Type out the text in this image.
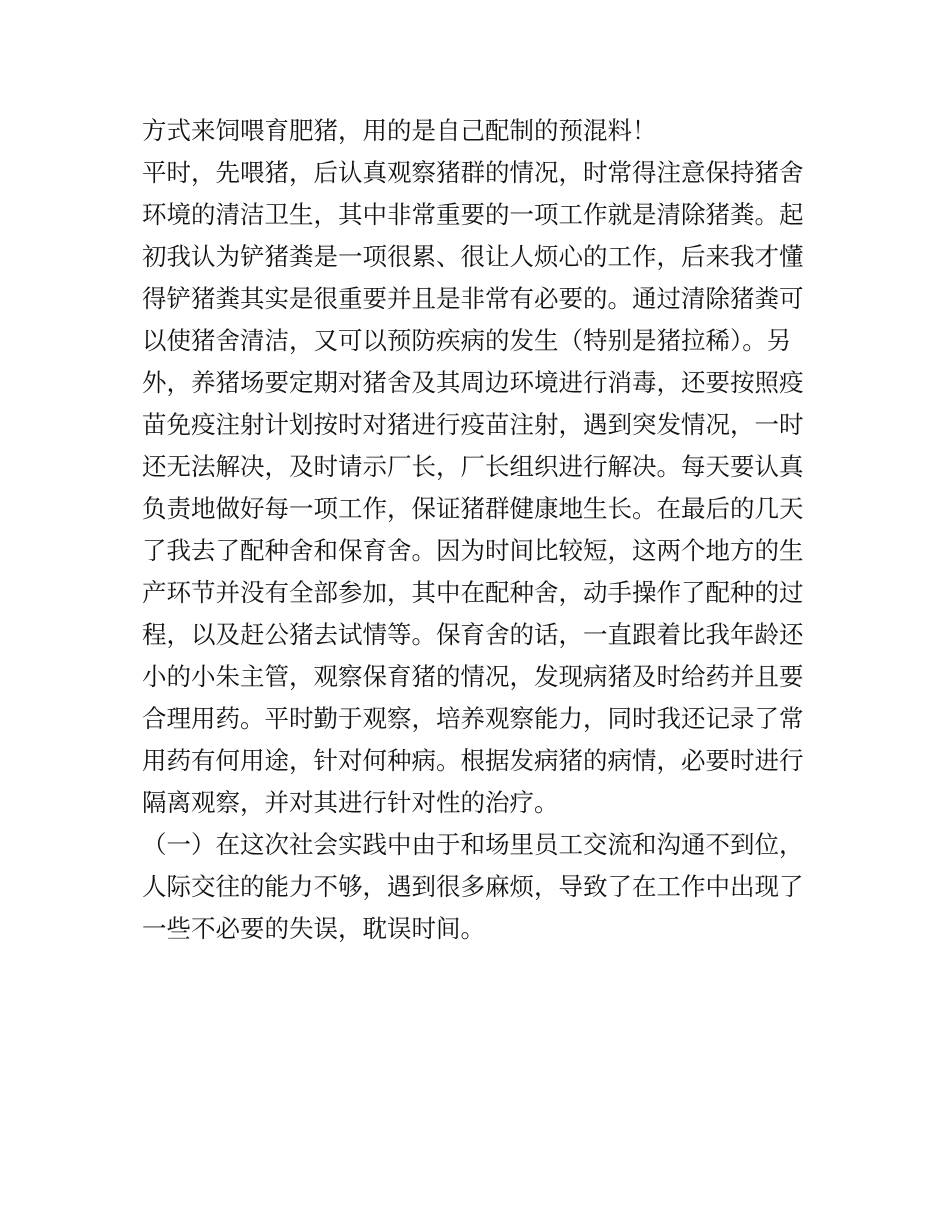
方式来饲喂育肥猪，用的是自己配制的预混料！
平时，先喂猪，后认真观察猪群的情况，时常得注意保持猪舍
环境的清洁卫生，其中非常重要的一项工作就是清除猪粪。起
初我认为铲猪粪是一项很累、很让人烦心的工作，后来我才懂
得铲猪粪其实是很重要并且是非常有必要的。通过清除猪粪可
以使猪舍清洁，又可以预防疾病的发生（特别是猪拉稀）。另
外，养猪场要定期对猪舍及其周边环境进行消毒，还要按照疫
苗免疫注射计划按时对猪进行疫苗注射，遇到突发情况，一时
还无法解决，及时请示厂长，厂长组织进行解决。每天要认真
负责地做好每一项工作，保证猪群健康地生长。在最后的几天
了我去了配种舍和保育舍。因为时间比较短，这两个地方的生
产环节并没有全部参加，其中在配种舍，动手操作了配种的过
程，以及赶公猪去试情等。保育舍的话，一直跟着比我年龄还
小的小朱主管，观察保育猪的情况，发现病猪及时给药并且要
合理用药。平时勤于观察，培养观察能力，同时我还记录了常
用药有何用途，针对何种病。根据发病猪的病情，必要时进行
隔离观察，并对其进行针对性的治疗。
（一）在这次社会实践中由于和场里员工交流和沟通不到位，
人际交往的能力不够，遇到很多麻烦，导致了在工作中出现了
一些不必要的失误，耽误时间。
